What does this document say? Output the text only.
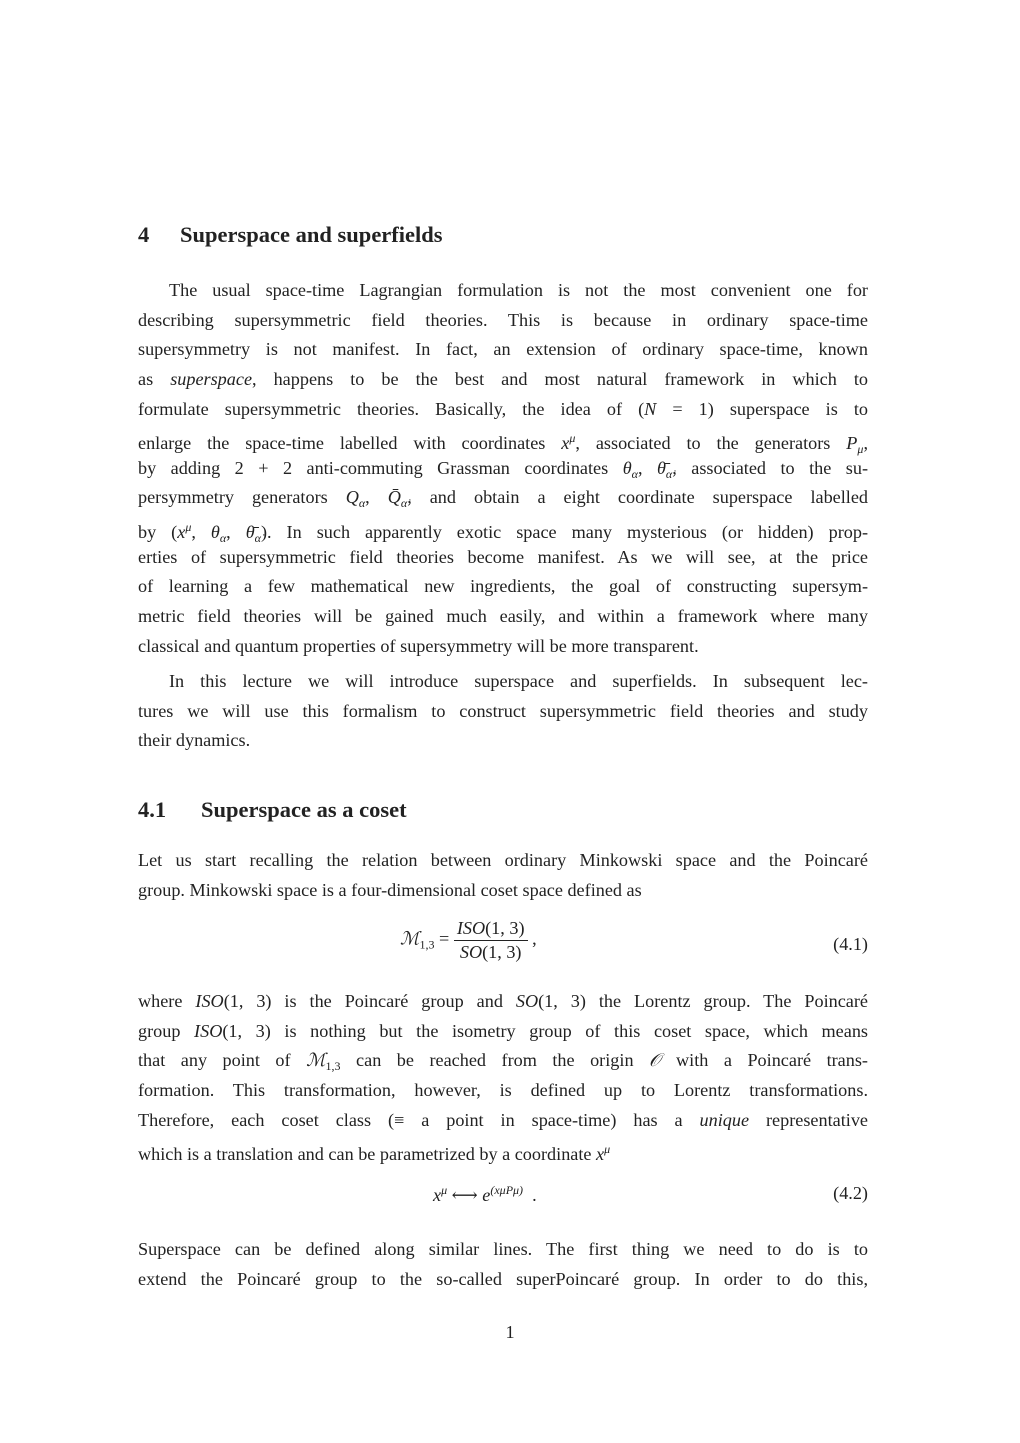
4 Superspace and superfields
The usual space-time Lagrangian formulation is not the most convenient one for
describing supersymmetric field theories. This is because in ordinary space-time
supersymmetry is not manifest. In fact, an extension of ordinary space-time, known
as superspace, happens to be the best and most natural framework in which to
formulate supersymmetric theories. Basically, the idea of (N = 1) superspace is to
enlarge the space-time labelled with coordinates $x^\mu$, associated to the generators $P_\mu$,
by adding 2 + 2 anti-commuting Grassman coordinates $\theta_\alpha$, $\thetā_{\alphȧ}$, associated to the su-
persymmetry generators $Q_\alpha$, $Q̄_{\alphȧ}$, and obtain a eight coordinate superspace labelled
by ($x^\mu$, $\theta_\alpha$, $\thetā_{\alphȧ}$). In such apparently exotic space many mysterious (or hidden) prop-
erties of supersymmetric field theories become manifest. As we will see, at the price
of learning a few mathematical new ingredients, the goal of constructing supersym-
metric field theories will be gained much easily, and within a framework where many
classical and quantum properties of supersymmetry will be more transparent.
In this lecture we will introduce superspace and superfields. In subsequent lec-
tures we will use this formalism to construct supersymmetric field theories and study
their dynamics.
4.1 Superspace as a coset
Let us start recalling the relation between ordinary Minkowski space and the Poincaré
group. Minkowski space is a four-dimensional coset space defined as
ℳ$_{1,3}$ = $\frac{\text{ISO(1, 3)}}{SO(1, 3)}$ ,	(4.1)
where ISO(1, 3) is the Poincaré group and SO(1, 3) the Lorentz group. The Poincaré
group ISO(1, 3) is nothing but the isometry group of this coset space, which means
that any point of ℳ$_{1,3}$ can be reached from the origin 𝒪 with a Poincaré trans-
formation. This transformation, however, is defined up to Lorentz transformations.
Therefore, each coset class (≡ a point in space-time) has a unique representative
which is a translation and can be parametrized by a coordinate $x^\mu$
$x^\mu$ ⟷ $e^{(x\mu P\mu)}$ .	(4.2)
Superspace can be defined along similar lines. The first thing we need to do is to
extend the Poincaré group to the so-called superPoincaré group. In order to do this,
1
